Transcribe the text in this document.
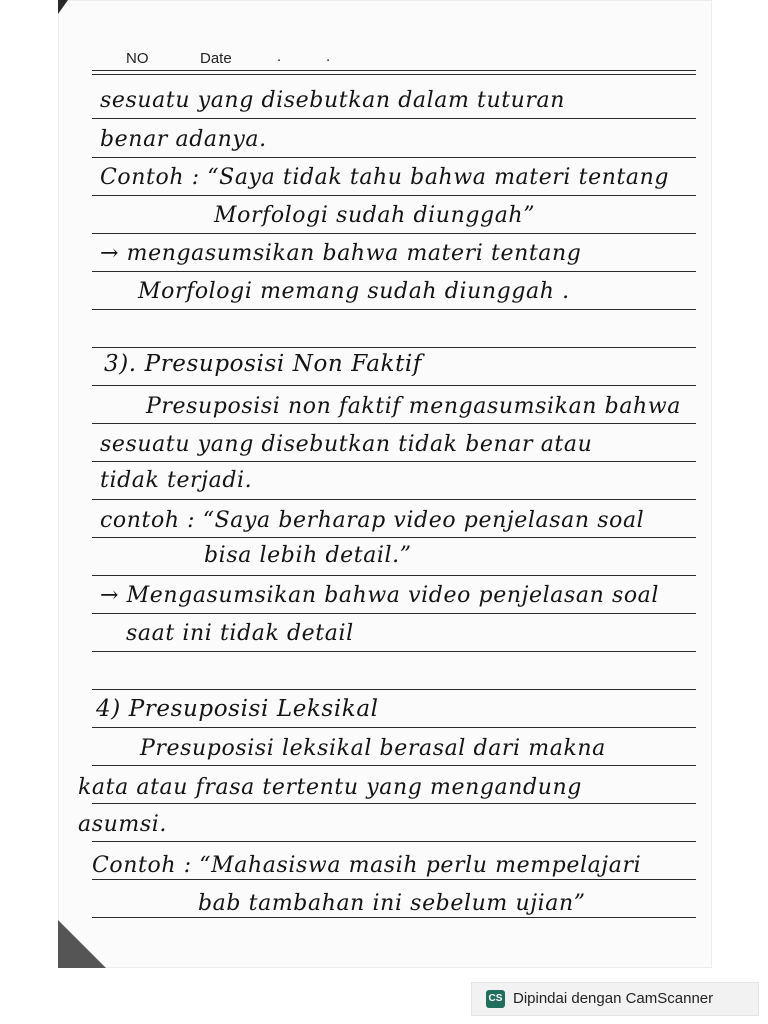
NO	Date	.	.
sesuatu yang disebutkan dalam tuturan
benar adanya.
Contoh : “Saya tidak tahu bahwa materi tentang
Morfologi sudah diunggah”
→ mengasumsikan bahwa materi tentang
Morfologi memang sudah diunggah .
3). Presuposisi Non Faktif
Presuposisi non faktif mengasumsikan bahwa
sesuatu yang disebutkan tidak benar atau
tidak terjadi.
contoh : “Saya berharap video penjelasan soal
bisa lebih detail.”
→ Mengasumsikan bahwa video penjelasan soal
saat ini tidak detail
4) Presuposisi Leksikal
Presuposisi leksikal berasal dari makna
kata atau frasa tertentu yang mengandung
asumsi.
Contoh : “Mahasiswa masih perlu mempelajari
bab tambahan ini sebelum ujian”
CS Dipindai dengan CamScanner
